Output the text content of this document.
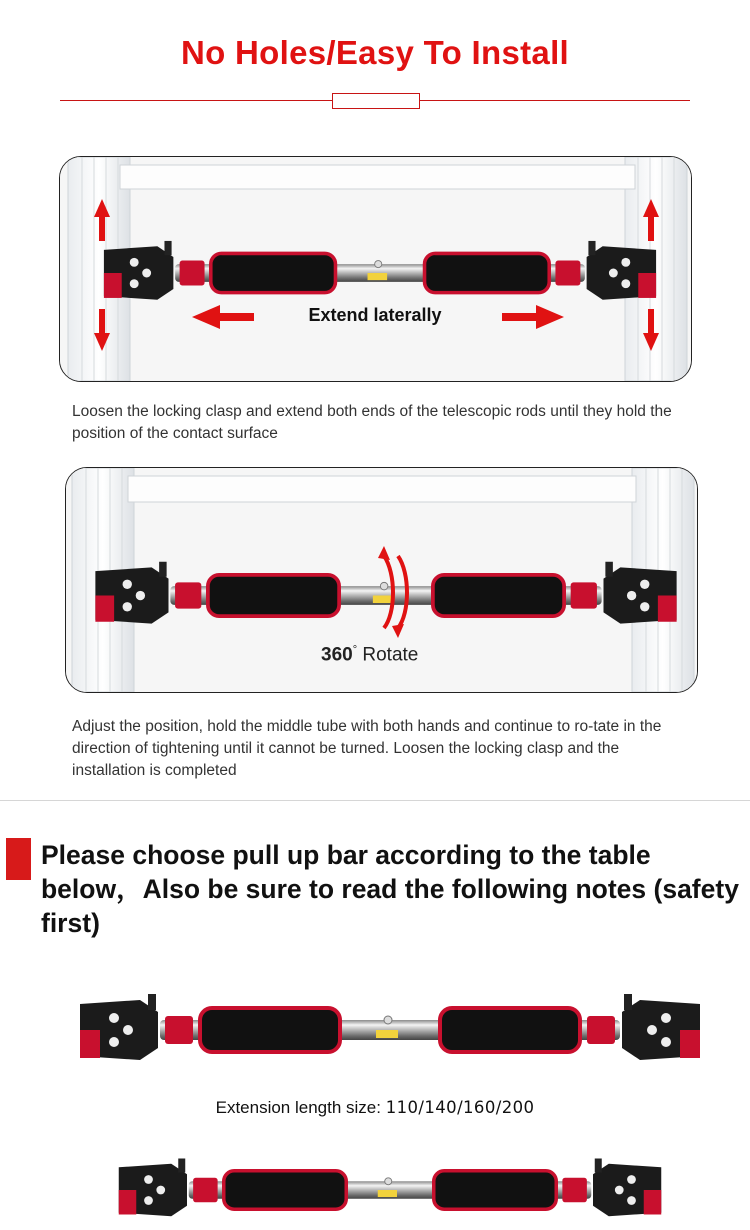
No Holes/Easy To Install
Extend laterally
Loosen the locking clasp and extend both ends of the telescopic rods until they hold the position of the contact surface
360° Rotate
Adjust the position, hold the middle tube with both hands and continue to ro-tate in the direction of tightening until it cannot be turned. Loosen the locking clasp and the installation is completed
Please choose pull up bar according to the table below，Also be sure to read the following notes (safety first)
Extension length size: 110/140/160/200
